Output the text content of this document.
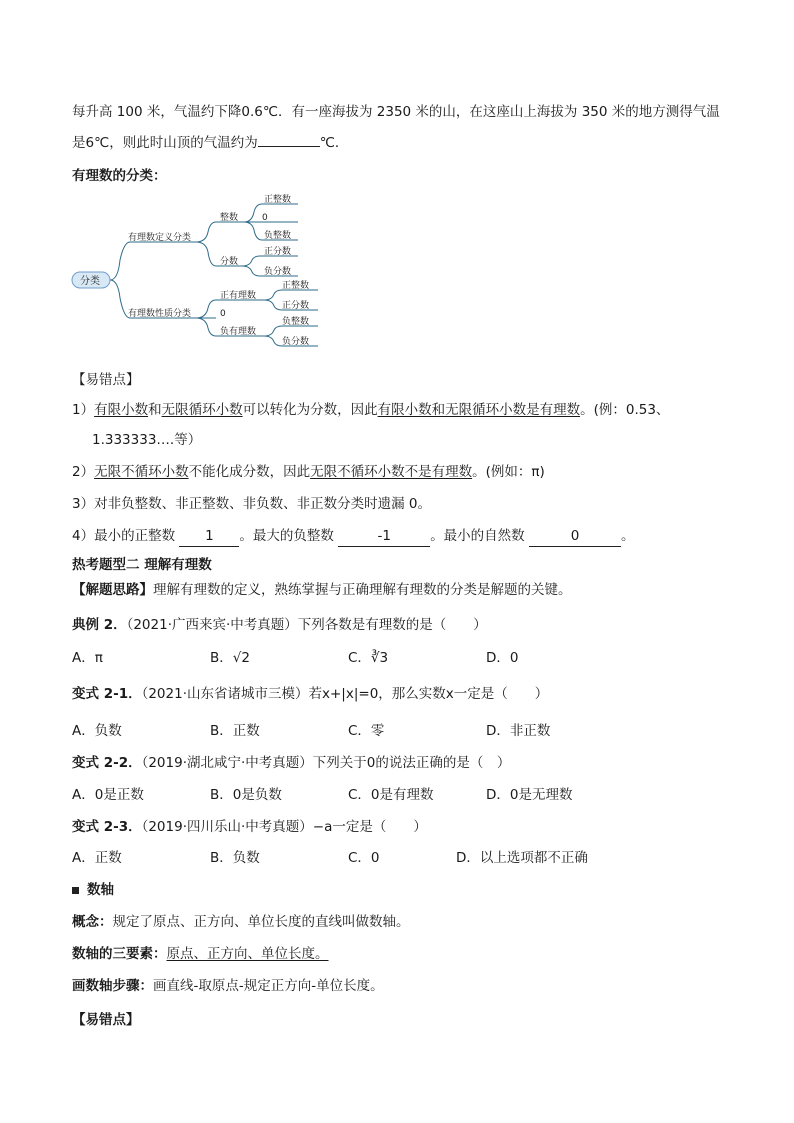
每升高 100 米，气温约下降0.6℃．有一座海拔为 2350 米的山，在这座山上海拔为 350 米的地方测得气温
是6℃，则此时山顶的气温约为	℃．
有理数的分类：
分类
有理数定义分类
整数
分数
正整数
0
负整数
正分数
负分数
有理数性质分类
正有理数
0
负有理数
正整数
正分数
负整数
负分数
【易错点】
1）有限小数和无限循环小数可以转化为分数，因此有限小数和无限循环小数是有理数。(例：0.53、
1.333333….等）
2）无限不循环小数不能化成分数，因此无限不循环小数不是有理数。(例如：π)
3）对非负整数、非正整数、非负数、非正数分类时遗漏 0。
4）最小的正整数 1 。最大的负整数	-1	。最小的自然数	0	。
热考题型二 理解有理数
【解题思路】理解有理数的定义，熟练掌握与正确理解有理数的分类是解题的关键。
典例 2．（2021·广西来宾·中考真题）下列各数是有理数的是（　　）
A．π	B．√2	C．∛3	D．0
变式 2-1．（2021·山东省诸城市三模）若x+|x|=0，那么实数x一定是（　　）
A．负数	B．正数	C．零	D．非正数
变式 2-2．（2019·湖北咸宁·中考真题）下列关于0的说法正确的是（　）
A．0是正数	B．0是负数	C．0是有理数	D．0是无理数
变式 2-3．（2019·四川乐山·中考真题）−a一定是（　　）
A．正数	B．负数	C．0	D．以上选项都不正确
数轴
概念：规定了原点、正方向、单位长度的直线叫做数轴。
数轴的三要素：原点、正方向、单位长度。
画数轴步骤：画直线-取原点-规定正方向-单位长度。
【易错点】
